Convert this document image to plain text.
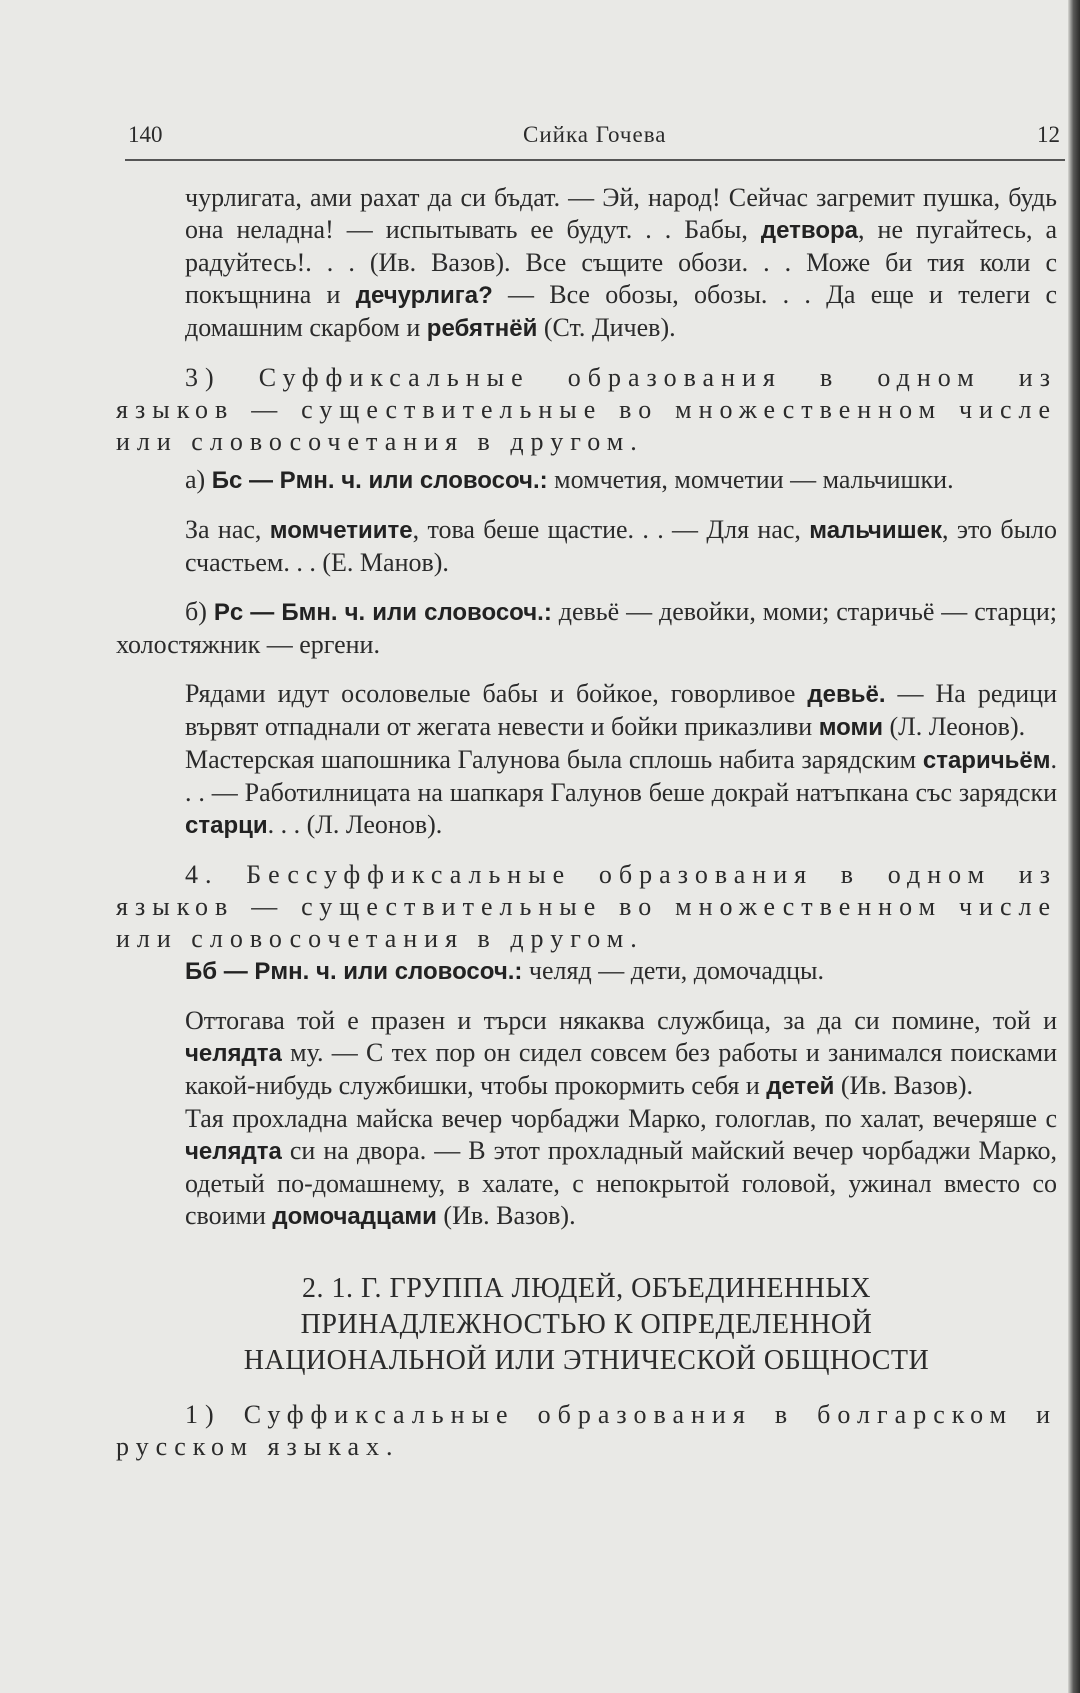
140	Сийка Гочева	12

чурлигата, ами рахат да си бъдат. — Эй, народ! Сейчас загремит пушка, будь она неладна! — испытывать ее будут. . . Бабы, детвора, не пугайтесь, а радуйтесь!. . . (Ив. Вазов). Все същите обози. . . Може би тия коли с покъщнина и дечурлига? — Все обозы, обозы. . . Да еще и телеги с домашним скарбом и ребятнёй (Ст. Дичев).

3) Суффиксальные образования в одном из языков — существительные во множественном числе или словосочетания в другом.

а) Бс — Рмн. ч. или словосоч.: момчетия, момчетии — мальчишки.

За нас, момчетиите, това беше щастие. . . — Для нас, мальчишек, это было счастьем. . . (Е. Манов).

б) Рс — Бмн. ч. или словосоч.: девьё — девойки, моми; старичьё — старци; холостяжник — ергени.

Рядами идут осоловелые бабы и бойкое, говорливое девьё. — На редици вървят отпаднали от жегата невести и бойки приказливи моми (Л. Леонов).

Мастерская шапошника Галунова была сплошь набита зарядским старичьём. . . — Работилницата на шапкаря Галунов беше докрай натъпкана със зарядски старци. . . (Л. Леонов).

4. Бессуффиксальные образования в одном из языков — существительные во множественном числе или словосочетания в другом.

Бб — Рмн. ч. или словосоч.: челяд — дети, домочадцы.

Оттогава той е празен и търси някаква службица, за да си помине, той и челядта му. — С тех пор он сидел совсем без работы и занимался поисками какой-нибудь службишки, чтобы прокормить себя и детей (Ив. Вазов).

Тая прохладна майска вечер чорбаджи Марко, гологлав, по халат, вечеряше с челядта си на двора. — В этот прохладный майский вечер чорбаджи Марко, одетый по-домашнему, в халате, с непокрытой головой, ужинал вместо со своими домочадцами (Ив. Вазов).

2. 1. Г. ГРУППА ЛЮДЕЙ, ОБЪЕДИНЕННЫХ
ПРИНАДЛЕЖНОСТЬЮ К ОПРЕДЕЛЕННОЙ
НАЦИОНАЛЬНОЙ ИЛИ ЭТНИЧЕСКОЙ ОБЩНОСТИ

1) Суффиксальные образования в болгарском и русском языках.
